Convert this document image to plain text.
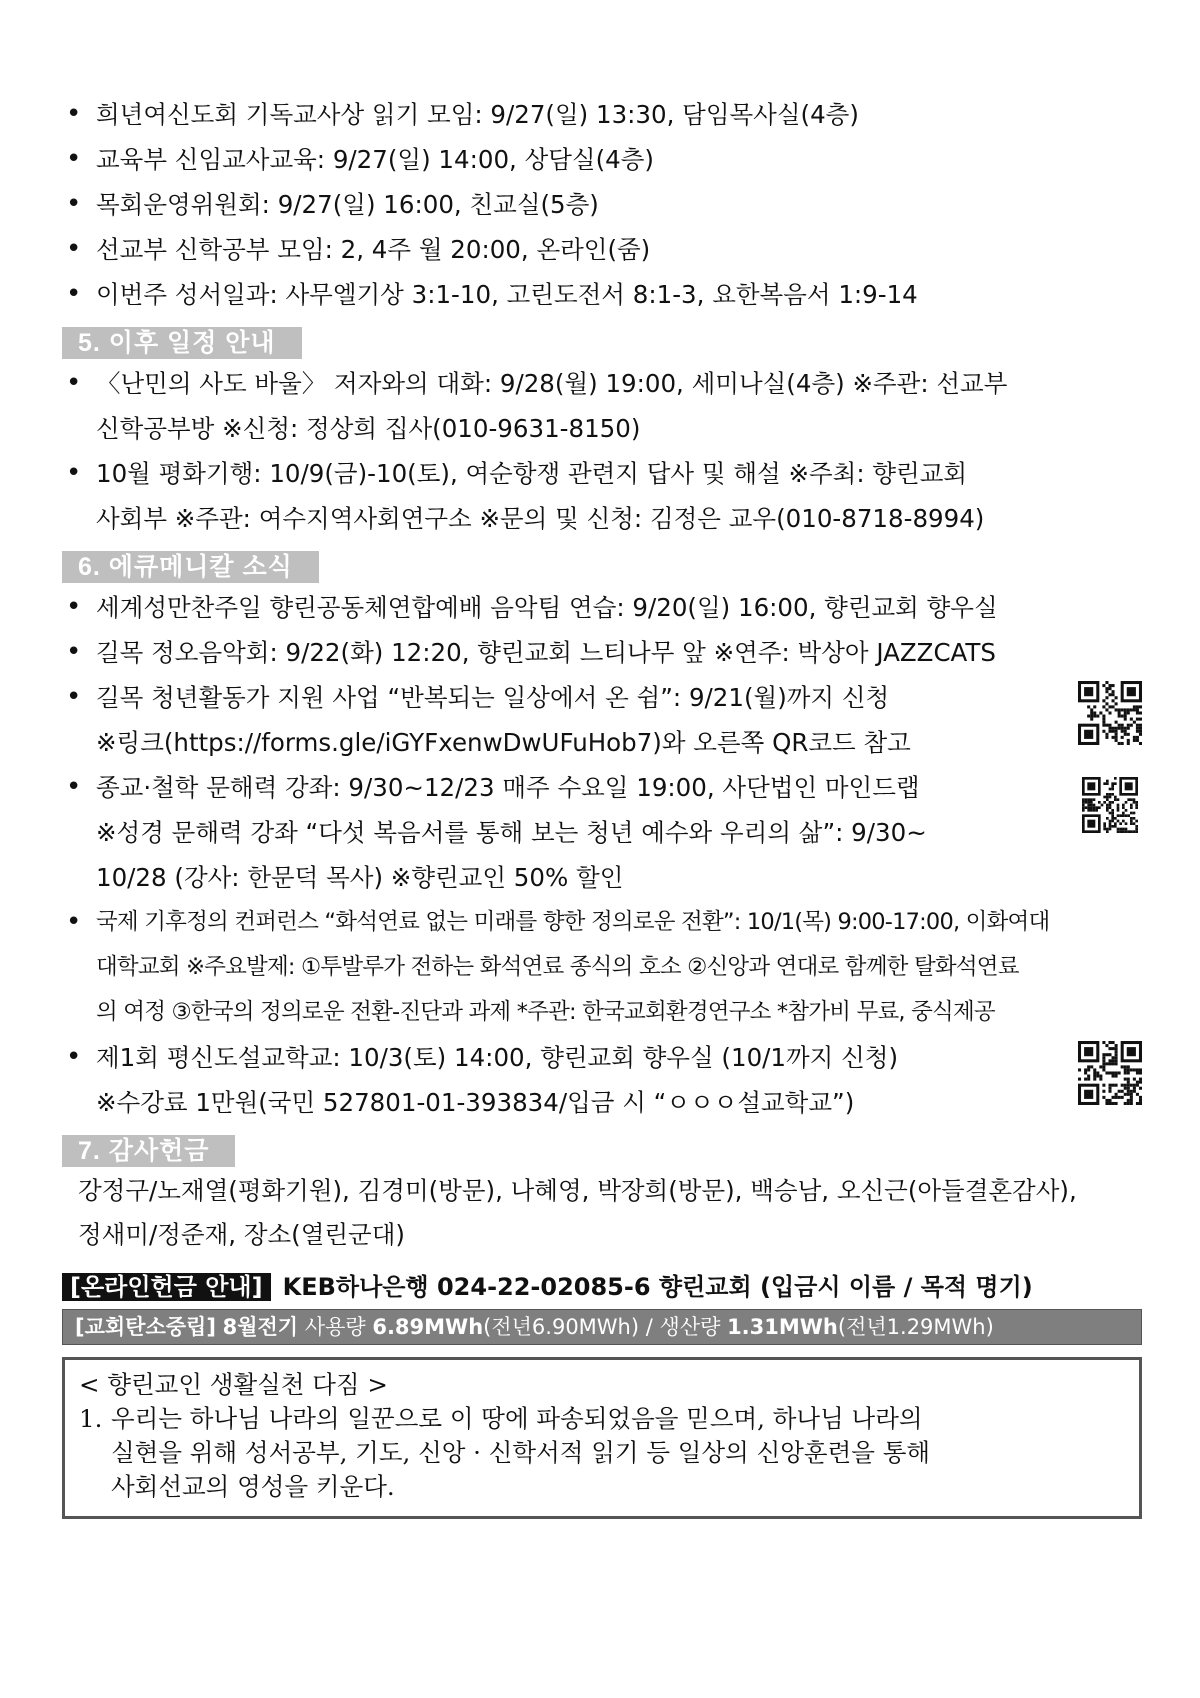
• 희년여신도회 기독교사상 읽기 모임: 9/27(일) 13:30, 담임목사실(4층)
• 교육부 신임교사교육: 9/27(일) 14:00, 상담실(4층)
• 목회운영위원회: 9/27(일) 16:00, 친교실(5층)
• 선교부 신학공부 모임: 2, 4주 월 20:00, 온라인(줌)
• 이번주 성서일과: 사무엘기상 3:1-10, 고린도전서 8:1-3, 요한복음서 1:9-14
5. 이후 일정 안내
• 〈난민의 사도 바울〉 저자와의 대화: 9/28(월) 19:00, 세미나실(4층) ※주관: 선교부
신학공부방 ※신청: 정상희 집사(010-9631-8150)
• 10월 평화기행: 10/9(금)-10(토), 여순항쟁 관련지 답사 및 해설 ※주최: 향린교회
사회부 ※주관: 여수지역사회연구소 ※문의 및 신청: 김정은 교우(010-8718-8994)
6. 에큐메니칼 소식
• 세계성만찬주일 향린공동체연합예배 음악팀 연습: 9/20(일) 16:00, 향린교회 향우실
• 길목 정오음악회: 9/22(화) 12:20, 향린교회 느티나무 앞 ※연주: 박상아 JAZZCATS
• 길목 청년활동가 지원 사업 “반복되는 일상에서 온 쉼”: 9/21(월)까지 신청
※링크(https://forms.gle/iGYFxenwDwUFuHob7)와 오른쪽 QR코드 참고
• 종교·철학 문해력 강좌: 9/30~12/23 매주 수요일 19:00, 사단법인 마인드랩
※성경 문해력 강좌 “다섯 복음서를 통해 보는 청년 예수와 우리의 삶”: 9/30~
10/28 (강사: 한문덕 목사) ※향린교인 50% 할인
• 국제 기후정의 컨퍼런스 “화석연료 없는 미래를 향한 정의로운 전환”: 10/1(목) 9:00-17:00, 이화여대
대학교회 ※주요발제: ①투발루가 전하는 화석연료 종식의 호소 ②신앙과 연대로 함께한 탈화석연료
의 여정 ③한국의 정의로운 전환-진단과 과제 *주관: 한국교회환경연구소 *참가비 무료, 중식제공
• 제1회 평신도설교학교: 10/3(토) 14:00, 향린교회 향우실 (10/1까지 신청)
※수강료 1만원(국민 527801-01-393834/입금 시 “ㅇㅇㅇ설교학교”)
7. 감사헌금
강정구/노재열(평화기원), 김경미(방문), 나혜영, 박장희(방문), 백승남, 오신근(아들결혼감사),
정새미/정준재, 장소(열린군대)
[온라인헌금 안내] KEB하나은행 024-22-02085-6 향린교회 (입금시 이름 / 목적 명기)
[교회탄소중립] 8월전기 사용량 6.89MWh(전년6.90MWh) / 생산량 1.31MWh(전년1.29MWh)
< 향린교인 생활실천 다짐 >
1. 우리는 하나님 나라의 일꾼으로 이 땅에 파송되었음을 믿으며, 하나님 나라의
실현을 위해 성서공부, 기도, 신앙 · 신학서적 읽기 등 일상의 신앙훈련을 통해
사회선교의 영성을 키운다.
